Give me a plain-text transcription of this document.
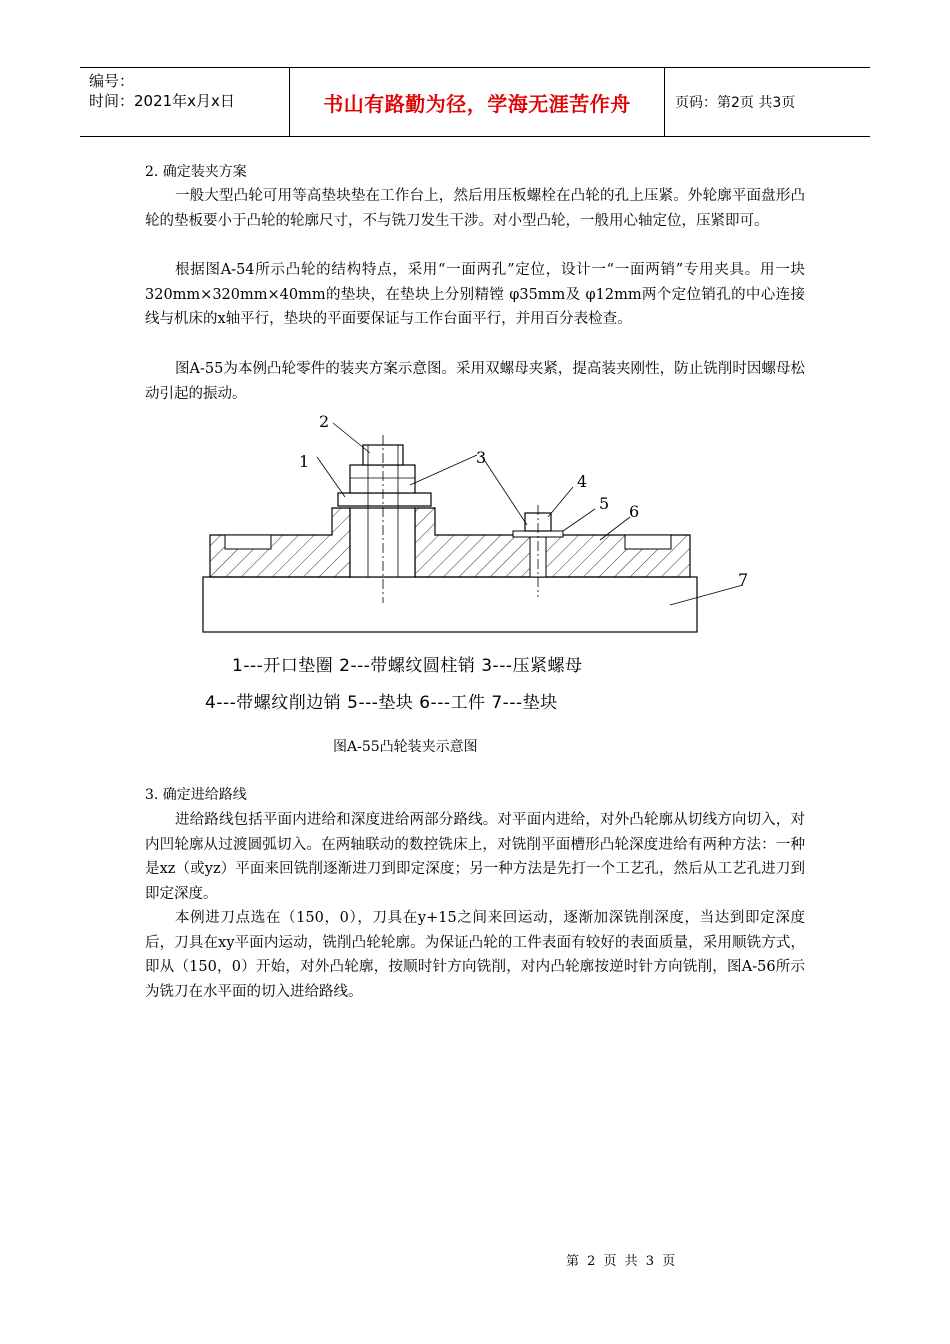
编号：
时间：2021年x月x日	书山有路勤为径，学海无涯苦作舟	页码：第2页 共3页
2. 确定装夹方案
一般大型凸轮可用等高垫块垫在工作台上，然后用压板螺栓在凸轮的孔上压紧。外轮廓平面盘形凸轮的垫板要小于凸轮的轮廓尺寸，不与铣刀发生干涉。对小型凸轮，一般用心轴定位，压紧即可。
根据图A-54所示凸轮的结构特点，采用“一面两孔”定位，设计一“一面两销”专用夹具。用一块320mm×320mm×40mm的垫块，在垫块上分别精镗 φ35mm及 φ12mm两个定位销孔的中心连接线与机床的x轴平行，垫块的平面要保证与工作台面平行，并用百分表检查。
图A-55为本例凸轮零件的装夹方案示意图。采用双螺母夹紧，提高装夹刚性，防止铣削时因螺母松动引起的振动。
1
2
3
4
5 6
7
1---开口垫圈 2---带螺纹圆柱销 3---压紧螺母
4---带螺纹削边销 5---垫块 6---工件 7---垫块
图A-55凸轮装夹示意图
3. 确定进给路线
进给路线包括平面内进给和深度进给两部分路线。对平面内进给，对外凸轮廓从切线方向切入，对内凹轮廓从过渡圆弧切入。在两轴联动的数控铣床上，对铣削平面槽形凸轮深度进给有两种方法：一种是xz（或yz）平面来回铣削逐渐进刀到即定深度；另一种方法是先打一个工艺孔，然后从工艺孔进刀到即定深度。
本例进刀点选在（150，0），刀具在y+15之间来回运动，逐渐加深铣削深度，当达到即定深度后，刀具在xy平面内运动，铣削凸轮轮廓。为保证凸轮的工件表面有较好的表面质量，采用顺铣方式，即从（150，0）开始，对外凸轮廓，按顺时针方向铣削，对内凸轮廓按逆时针方向铣削，图A-56所示为铣刀在水平面的切入进给路线。
第 2 页 共 3 页
